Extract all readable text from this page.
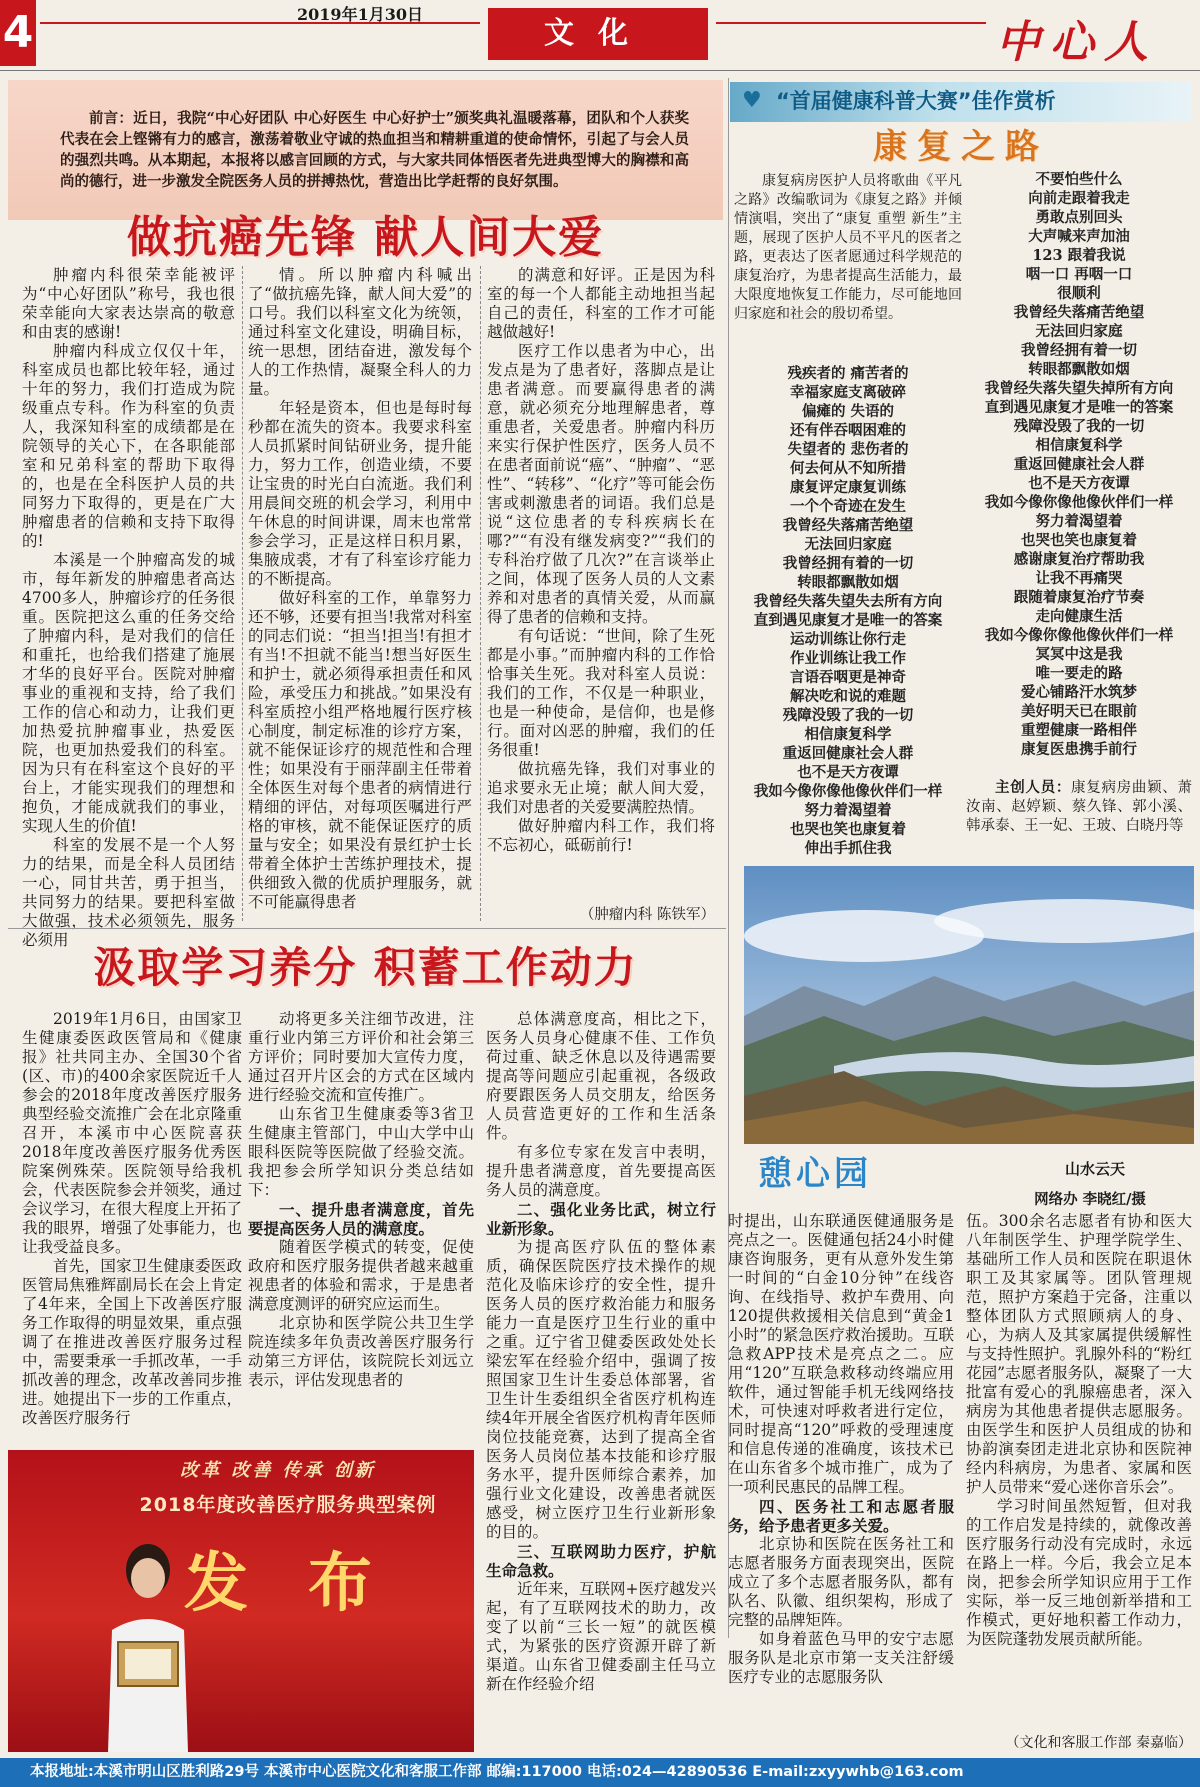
4	2019年1月30日
文化	中心人
前言：近日，我院“中心好团队 中心好医生 中心好护士”颁奖典礼温暖落幕，团队和个人获奖代表在会上铿锵有力的感言，激荡着敬业守诚的热血担当和精耕重道的使命情怀，引起了与会人员的强烈共鸣。从本期起，本报将以感言回顾的方式，与大家共同体悟医者先进典型博大的胸襟和高尚的德行，进一步激发全院医务人员的拼搏热忱，营造出比学赶帮的良好氛围。
做抗癌先锋 献人间大爱

肿瘤内科很荣幸能被评为“中心好团队”称号，我也很荣幸能向大家表达崇高的敬意和由衷的感谢!

肿瘤内科成立仅仅十年，科室成员也都比较年轻，通过十年的努力，我们打造成为院级重点专科。作为科室的负责人，我深知科室的成绩都是在院领导的关心下，在各职能部室和兄弟科室的帮助下取得的，也是在全科医护人员的共同努力下取得的，更是在广大肿瘤患者的信赖和支持下取得的!

本溪是一个肿瘤高发的城市，每年新发的肿瘤患者高达4700多人，肿瘤诊疗的任务很重。医院把这么重的任务交给了肿瘤内科，是对我们的信任和重托，也给我们搭建了施展才华的良好平台。医院对肿瘤事业的重视和支持，给了我们工作的信心和动力，让我们更加热爱抗肿瘤事业，热爱医院，也更加热爱我们的科室。因为只有在科室这个良好的平台上，才能实现我们的理想和抱负，才能成就我们的事业，实现人生的价值!

科室的发展不是一个人努力的结果，而是全科人员团结一心，同甘共苦，勇于担当，共同努力的结果。要把科室做大做强，技术必须领先，服务必须用

情。所以肿瘤内科喊出了“做抗癌先锋，献人间大爱”的口号。我们以科室文化为统领，通过科室文化建设，明确目标，统一思想，团结奋进，激发每个人的工作热情，凝聚全科人的力量。

年轻是资本，但也是每时每秒都在流失的资本。我要求科室人员抓紧时间钻研业务，提升能力，努力工作，创造业绩，不要让宝贵的时光白白流逝。我们利用晨间交班的机会学习，利用中午休息的时间讲课，周末也常常参会学习，正是这样日积月累，集腋成裘，才有了科室诊疗能力的不断提高。

做好科室的工作，单靠努力还不够，还要有担当!我常对科室的同志们说：“担当!担当!有担才有当!不担就不能当!想当好医生和护士，就必须得承担责任和风险，承受压力和挑战。”如果没有科室质控小组严格地履行医疗核心制度，制定标准的诊疗方案，就不能保证诊疗的规范性和合理性；如果没有于丽萍副主任带着全体医生对每个患者的病情进行精细的评估，对每项医嘱进行严格的审核，就不能保证医疗的质量与安全；如果没有景红护士长带着全体护士苦练护理技术，提供细致入微的优质护理服务，就不可能赢得患者

的满意和好评。正是因为科室的每一个人都能主动地担当起自己的责任，科室的工作才可能越做越好!

医疗工作以患者为中心，出发点是为了患者好，落脚点是让患者满意。而要赢得患者的满意，就必须充分地理解患者，尊重患者，关爱患者。肿瘤内科历来实行保护性医疗，医务人员不在患者面前说“癌”、“肿瘤”、“恶性”、“转移”、“化疗”等可能会伤害或刺激患者的词语。我们总是说“这位患者的专科疾病长在哪?”“有没有继发病变?”“我们的专科治疗做了几次?”在言谈举止之间，体现了医务人员的人文素养和对患者的真情关爱，从而赢得了患者的信赖和支持。

有句话说：“世间，除了生死都是小事。”而肿瘤内科的工作恰恰事关生死。我对科室人员说：我们的工作，不仅是一种职业，也是一种使命，是信仰，也是修行。面对凶恶的肿瘤，我们的任务很重!

做抗癌先锋，我们对事业的追求要永无止境；献人间大爱，我们对患者的关爱要满腔热情。

做好肿瘤内科工作，我们将不忘初心，砥砺前行!

（肿瘤内科 陈铁军）
♥ “首届健康科普大赛”佳作赏析
康复之路

康复病房医护人员将歌曲《平凡之路》改编歌词为《康复之路》并倾情演唱，突出了“康复 重塑 新生”主题，展现了医护人员不平凡的医者之路，更表达了医者愿通过科学规范的康复治疗，为患者提高生活能力，最大限度地恢复工作能力，尽可能地回归家庭和社会的殷切希望。

残疾者的 痛苦者的

幸福家庭支离破碎

偏瘫的 失语的

还有伴吞咽困难的

失望者的 悲伤者的

何去何从不知所措

康复评定康复训练

一个个奇迹在发生

我曾经失落痛苦绝望

无法回归家庭

我曾经拥有着的一切

转眼都飘散如烟

我曾经失落失望失去所有方向

直到遇见康复才是唯一的答案

运动训练让你行走

作业训练让我工作

言语吞咽更是神奇

解决吃和说的难题

残障没毁了我的一切

相信康复科学

重返回健康社会人群

也不是天方夜谭

我如今像你像他像伙伴们一样

努力着渴望着

也哭也笑也康复着

伸出手抓住我

不要怕些什么

向前走跟着我走

勇敢点别回头

大声喊来声加油

123 跟着我说

咽一口 再咽一口

很顺利

我曾经失落痛苦绝望

无法回归家庭

我曾经拥有着一切

转眼都飘散如烟

我曾经失落失望失掉所有方向

直到遇见康复才是唯一的答案

残障没毁了我的一切

相信康复科学

重返回健康社会人群

也不是天方夜谭

我如今像你像他像伙伴们一样

努力着渴望着

也哭也笑也康复着

感谢康复治疗帮助我

让我不再痛哭

跟随着康复治疗节奏

走向健康生活

我如今像你像他像伙伴们一样

冥冥中这是我

唯一要走的路

爱心铺路汗水筑梦

美好明天已在眼前

重塑健康一路相伴

康复医患携手前行

主创人员：康复病房曲颖、萧汝南、赵婷颖、蔡久锋、郭小溪、韩承泰、王一妃、王玻、白晓丹等
憩心园	山水云天
网络办 李晓红/摄
汲取学习养分 积蓄工作动力

2019年1月6日，由国家卫生健康委医政医管局和《健康报》社共同主办、全国30个省(区、市)的400余家医院近千人参会的2018年度改善医疗服务典型经验交流推广会在北京隆重召开，本溪市中心医院喜获2018年度改善医疗服务优秀医院案例殊荣。医院领导给我机会，代表医院参会并领奖，通过会议学习，在很大程度上开拓了我的眼界，增强了处事能力，也让我受益良多。

首先，国家卫生健康委医政医管局焦雅辉副局长在会上肯定了4年来，全国上下改善医疗服务工作取得的明显效果，重点强调了在推进改善医疗服务过程中，需要秉承一手抓改革，一手抓改善的理念，改革改善同步推进。她提出下一步的工作重点，改善医疗服务行

动将更多关注细节改进，注重行业内第三方评价和社会第三方评价；同时要加大宣传力度，通过召开片区会的方式在区域内进行经验交流和宣传推广。

山东省卫生健康委等3省卫生健康主管部门，中山大学中山眼科医院等医院做了经验交流。我把参会所学知识分类总结如下：

一、提升患者满意度，首先要提高医务人员的满意度。

随着医学模式的转变，促使政府和医疗服务提供者越来越重视患者的体验和需求，于是患者满意度测评的研究应运而生。

北京协和医学院公共卫生学院连续多年负责改善医疗服务行动第三方评估，该院院长刘远立表示，评估发现患者的

总体满意度高，相比之下，医务人员身心健康不佳、工作负荷过重、缺乏休息以及待遇需要提高等问题应引起重视，各级政府要跟医务人员交朋友，给医务人员营造更好的工作和生活条件。

有多位专家在发言中表明，提升患者满意度，首先要提高医务人员的满意度。

二、强化业务比武，树立行业新形象。

为提高医疗队伍的整体素质，确保医院医疗技术操作的规范化及临床诊疗的安全性，提升医务人员的医疗救治能力和服务能力一直是医疗卫生行业的重中之重。辽宁省卫健委医政处处长梁宏军在经验介绍中，强调了按照国家卫生计生委总体部署，省卫生计生委组织全省医疗机构连续4年开展全省医疗机构青年医师岗位技能竞赛，达到了提高全省医务人员岗位基本技能和诊疗服务水平，提升医师综合素养，加强行业文化建设，改善患者就医感受，树立医疗卫生行业新形象的目的。

三、互联网助力医疗，护航生命急救。

近年来，互联网+医疗越发兴起，有了互联网技术的助力，改变了以前“三长一短”的就医模式，为紧张的医疗资源开辟了新渠道。山东省卫健委副主任马立新在作经验介绍

时提出，山东联通医健通服务是亮点之一。医健通包括24小时健康咨询服务，更有从意外发生第一时间的“白金10分钟”在线咨询、在线指导、救护车费用、向120提供救援相关信息到“黄金1小时”的紧急医疗救治援助。互联急救APP技术是亮点之二。应用“120”互联急救移动终端应用软件，通过智能手机无线网络技术，可快速对呼救者进行定位，同时提高“120”呼救的受理速度和信息传递的准确度，该技术已在山东省多个城市推广，成为了一项利民惠民的品牌工程。

四、医务社工和志愿者服务，给予患者更多关爱。

北京协和医院在医务社工和志愿者服务方面表现突出，医院成立了多个志愿者服务队，都有队名、队徽、组织架构，形成了完整的品牌矩阵。

如身着蓝色马甲的安宁志愿服务队是北京市第一支关注舒缓医疗专业的志愿服务队

伍。300余名志愿者有协和医大八年制医学生、护理学院学生、基础所工作人员和医院在职退休职工及其家属等。团队管理规范，照护方案趋于完备，注重以整体团队方式照顾病人的身、心，为病人及其家属提供缓解性与支持性照护。乳腺外科的“粉红花园”志愿者服务队，凝聚了一大批富有爱心的乳腺癌患者，深入病房为其他患者提供志愿服务。由医学生和医护人员组成的协和协韵演奏团走进北京协和医院神经内科病房，为患者、家属和医护人员带来“爱心迷你音乐会”。

学习时间虽然短暂，但对我的工作启发是持续的，就像改善医疗服务行动没有完成时，永远在路上一样。今后，我会立足本岗，把参会所学知识应用于工作实际，举一反三地创新举措和工作模式，更好地积蓄工作动力，为医院蓬勃发展贡献所能。

（文化和客服工作部 秦嘉临）
改革 改善 传承 创新
2018年度改善医疗服务典型案例
发布
本报地址:本溪市明山区胜利路29号 本溪市中心医院文化和客服工作部 邮编:117000 电话:024—42890536 E-mail:zxyywhb@163.com
